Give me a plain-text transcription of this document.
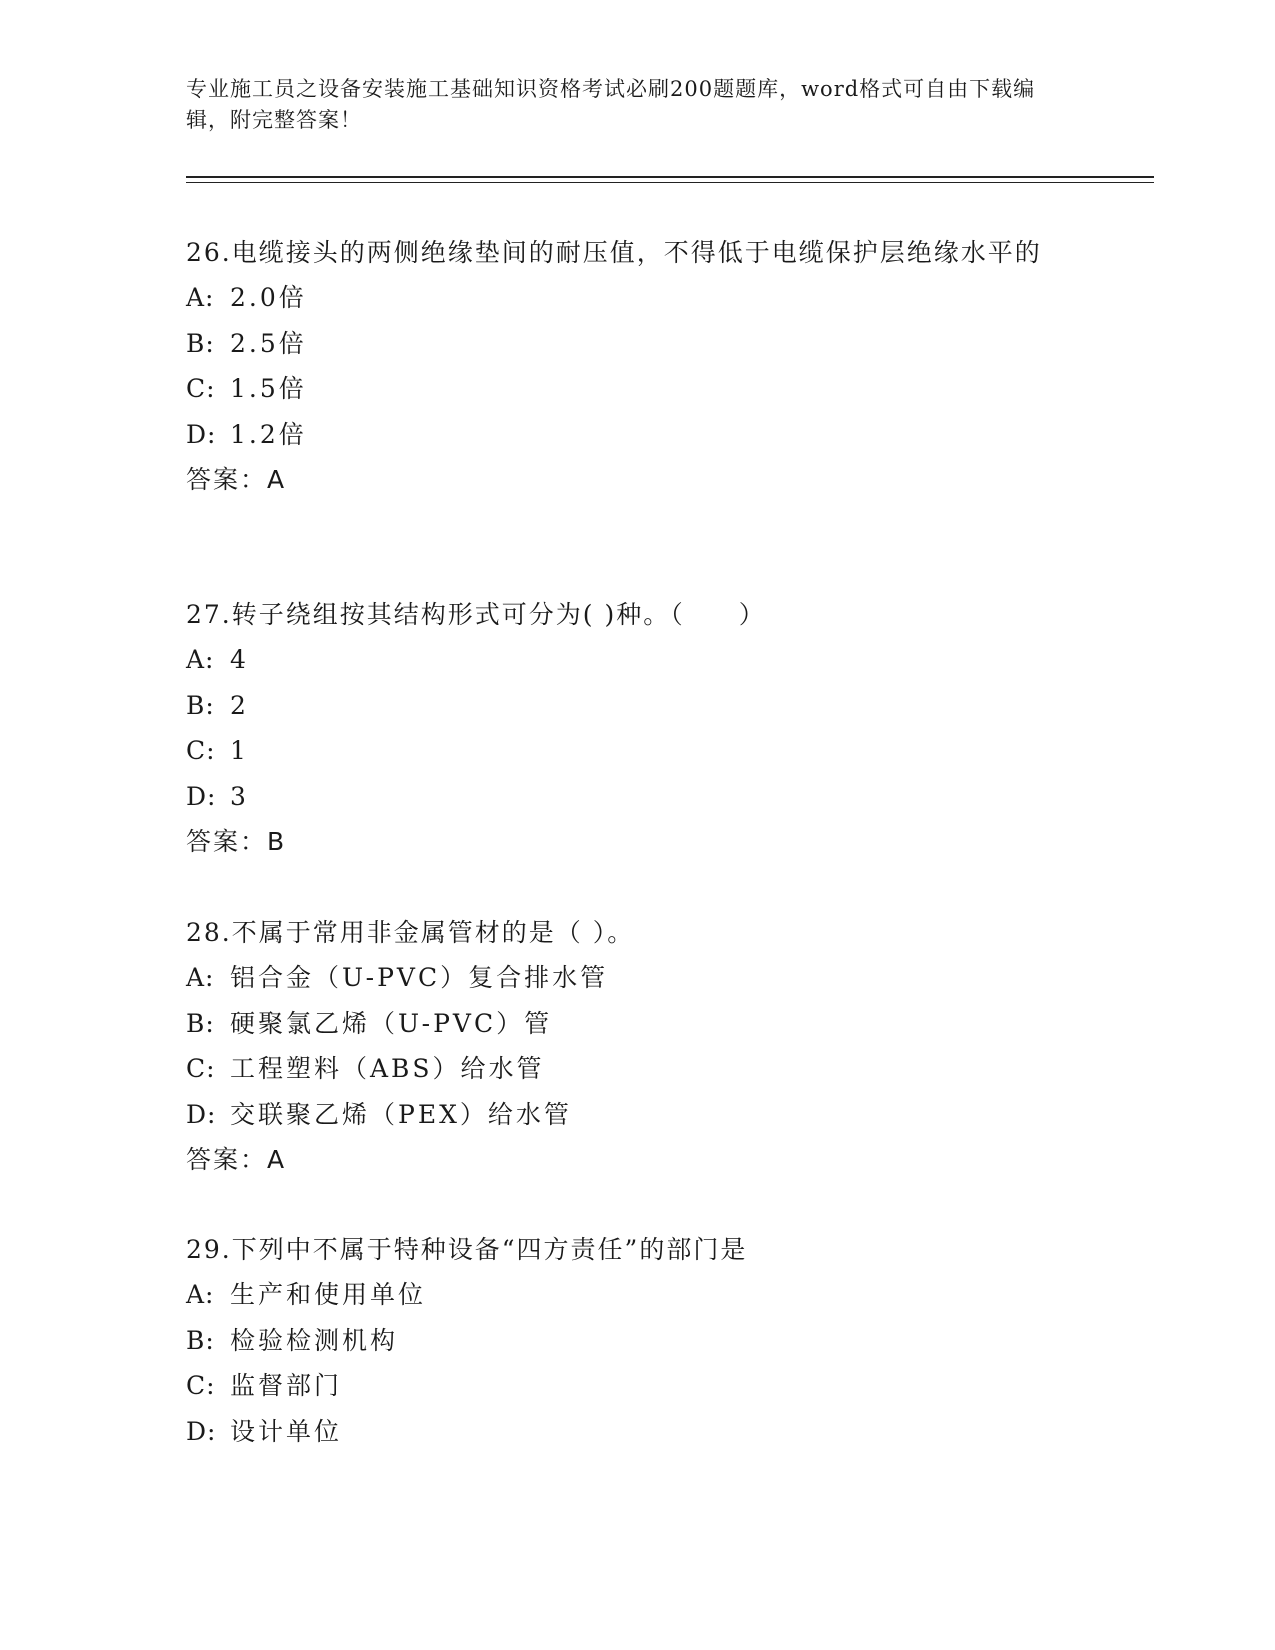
专业施工员之设备安装施工基础知识资格考试必刷200题题库，word格式可自由下载编辑，附完整答案！

26.电缆接头的两侧绝缘垫间的耐压值，不得低于电缆保护层绝缘水平的

A: 2.0倍

B: 2.5倍

C: 1.5倍

D: 1.2倍

答案：A

27.转子绕组按其结构形式可分为( )种。（　　）

A: 4

B: 2

C: 1

D: 3

答案：B

28.不属于常用非金属管材的是（ ）。

A: 铝合金（U-PVC）复合排水管

B: 硬聚氯乙烯（U-PVC）管

C: 工程塑料（ABS）给水管

D: 交联聚乙烯（PEX）给水管

答案：A

29.下列中不属于特种设备“四方责任”的部门是

A: 生产和使用单位

B: 检验检测机构

C: 监督部门

D: 设计单位
